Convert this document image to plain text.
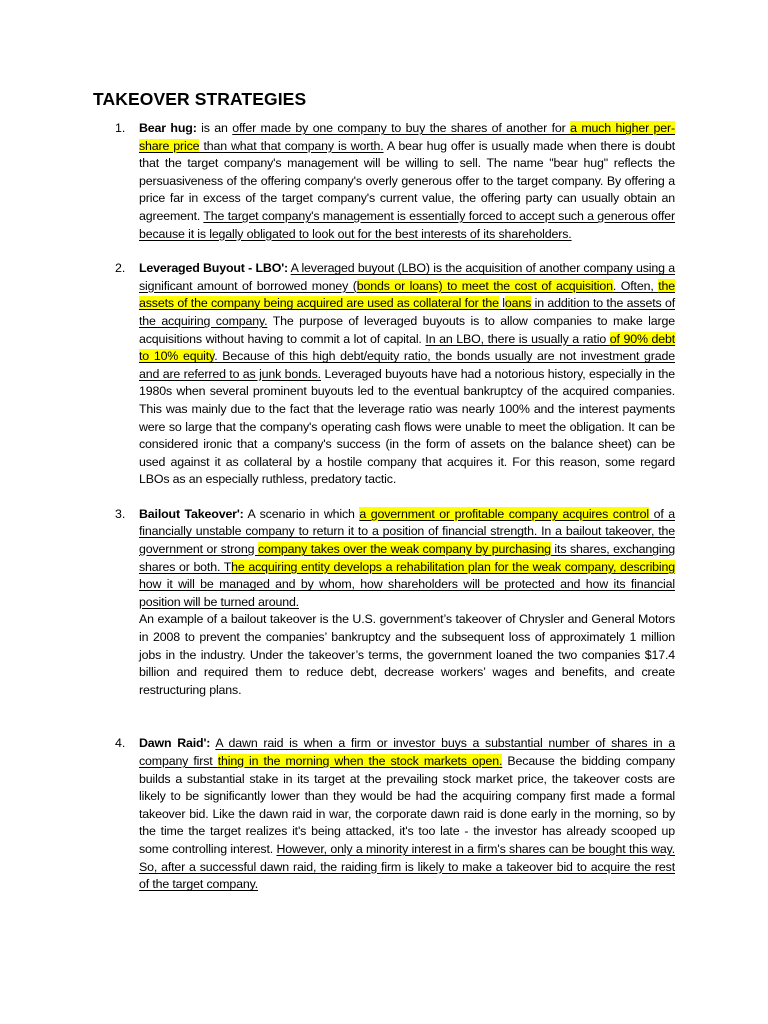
TAKEOVER STRATEGIES
1. Bear hug: is an offer made by one company to buy the shares of another for a much higher per-share price than what that company is worth. A bear hug offer is usually made when there is doubt that the target company's management will be willing to sell. The name "bear hug" reflects the persuasiveness of the offering company's overly generous offer to the target company. By offering a price far in excess of the target company's current value, the offering party can usually obtain an agreement. The target company's management is essentially forced to accept such a generous offer because it is legally obligated to look out for the best interests of its shareholders.

2. Leveraged Buyout - LBO': A leveraged buyout (LBO) is the acquisition of another company using a significant amount of borrowed money (bonds or loans) to meet the cost of acquisition. Often, the assets of the company being acquired are used as collateral for the loans in addition to the assets of the acquiring company. The purpose of leveraged buyouts is to allow companies to make large acquisitions without having to commit a lot of capital. In an LBO, there is usually a ratio of 90% debt to 10% equity. Because of this high debt/equity ratio, the bonds usually are not investment grade and are referred to as junk bonds. Leveraged buyouts have had a notorious history, especially in the 1980s when several prominent buyouts led to the eventual bankruptcy of the acquired companies. This was mainly due to the fact that the leverage ratio was nearly 100% and the interest payments were so large that the company's operating cash flows were unable to meet the obligation. It can be considered ironic that a company's success (in the form of assets on the balance sheet) can be used against it as collateral by a hostile company that acquires it. For this reason, some regard LBOs as an especially ruthless, predatory tactic.

3. Bailout Takeover': A scenario in which a government or profitable company acquires control of a financially unstable company to return it to a position of financial strength. In a bailout takeover, the government or strong company takes over the weak company by purchasing its shares, exchanging shares or both. The acquiring entity develops a rehabilitation plan for the weak company, describing how it will be managed and by whom, how shareholders will be protected and how its financial position will be turned around.

An example of a bailout takeover is the U.S. government’s takeover of Chrysler and General Motors in 2008 to prevent the companies’ bankruptcy and the subsequent loss of approximately 1 million jobs in the industry. Under the takeover’s terms, the government loaned the two companies $17.4 billion and required them to reduce debt, decrease workers’ wages and benefits, and create restructuring plans.

4. Dawn Raid': A dawn raid is when a firm or investor buys a substantial number of shares in a company first thing in the morning when the stock markets open. Because the bidding company builds a substantial stake in its target at the prevailing stock market price, the takeover costs are likely to be significantly lower than they would be had the acquiring company first made a formal takeover bid. Like the dawn raid in war, the corporate dawn raid is done early in the morning, so by the time the target realizes it's being attacked, it's too late - the investor has already scooped up some controlling interest. However, only a minority interest in a firm's shares can be bought this way. So, after a successful dawn raid, the raiding firm is likely to make a takeover bid to acquire the rest of the target company.
